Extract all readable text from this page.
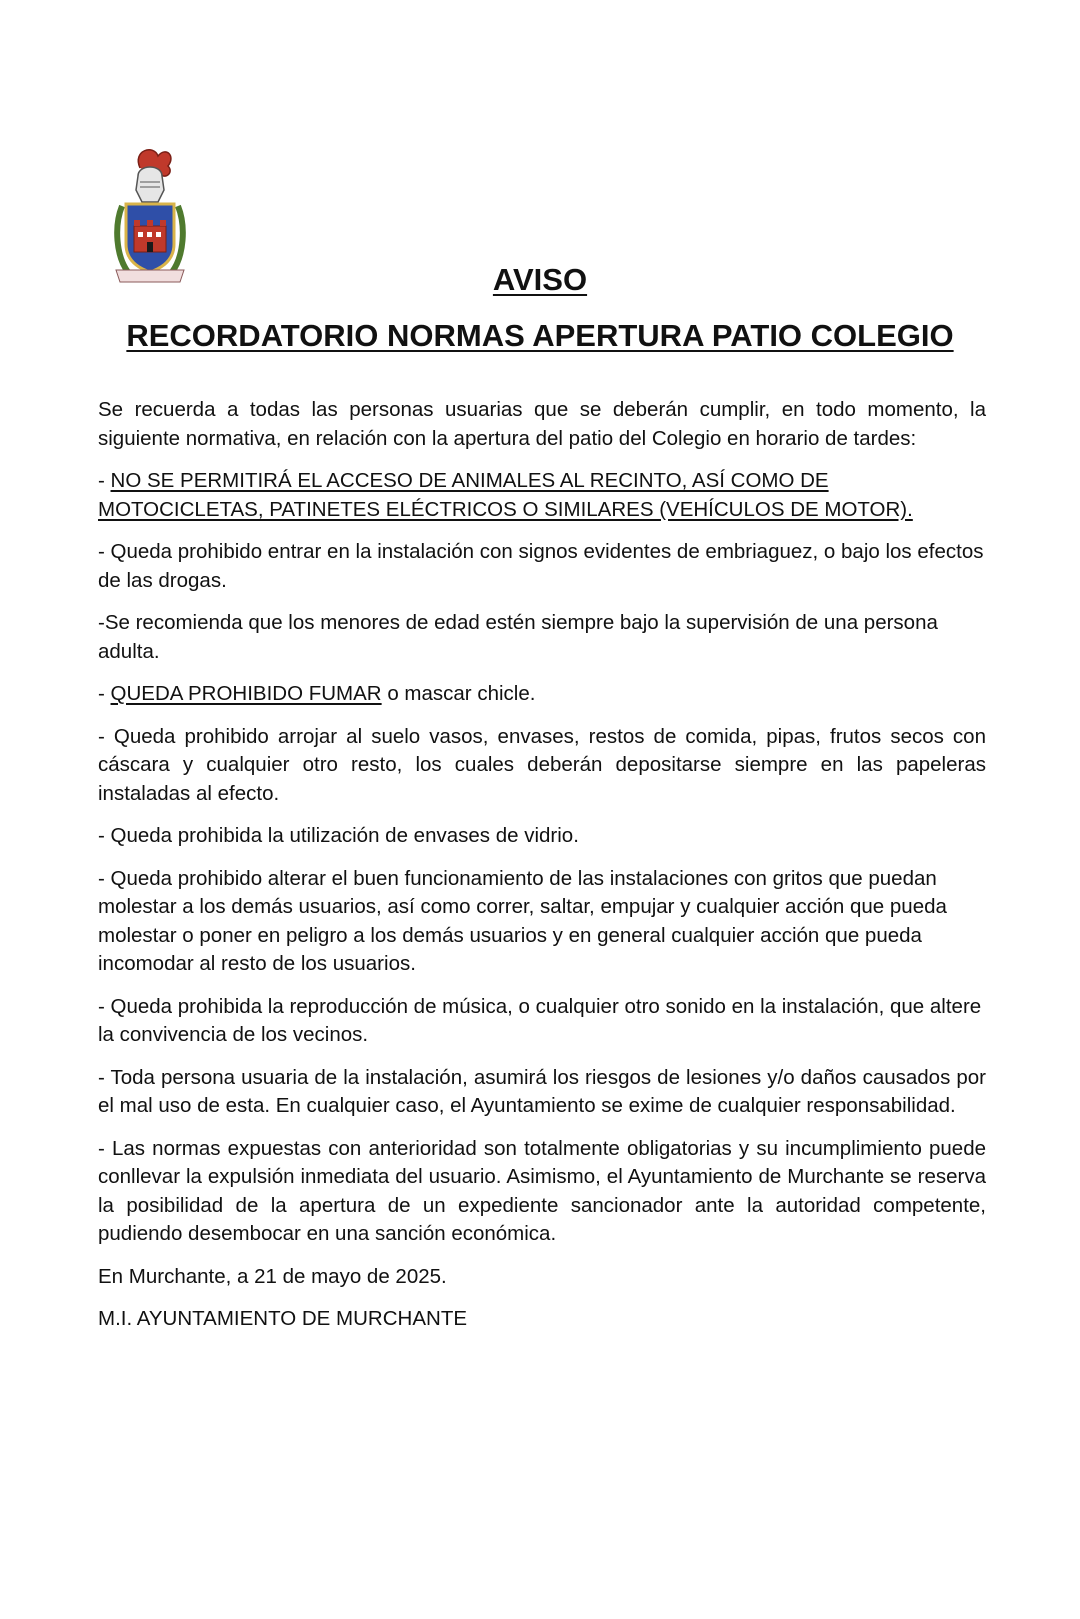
AVISO
RECORDATORIO NORMAS APERTURA PATIO COLEGIO

Se recuerda a todas las personas usuarias que se deberán cumplir, en todo momento, la siguiente normativa, en relación con la apertura del patio del Colegio en horario de tardes:

- NO SE PERMITIRÁ EL ACCESO DE ANIMALES AL RECINTO, ASÍ COMO DE MOTOCICLETAS, PATINETES ELÉCTRICOS O SIMILARES (VEHÍCULOS DE MOTOR).

- Queda prohibido entrar en la instalación con signos evidentes de embriaguez, o bajo los efectos de las drogas.

-Se recomienda que los menores de edad estén siempre bajo la supervisión de una persona adulta.

- QUEDA PROHIBIDO FUMAR o mascar chicle.

- Queda prohibido arrojar al suelo vasos, envases, restos de comida, pipas, frutos secos con cáscara y cualquier otro resto, los cuales deberán depositarse siempre en las papeleras instaladas al efecto.

- Queda prohibida la utilización de envases de vidrio.

- Queda prohibido alterar el buen funcionamiento de las instalaciones con gritos que puedan molestar a los demás usuarios, así como correr, saltar, empujar y cualquier acción que pueda molestar o poner en peligro a los demás usuarios y en general cualquier acción que pueda incomodar al resto de los usuarios.

- Queda prohibida la reproducción de música, o cualquier otro sonido en la instalación, que altere la convivencia de los vecinos.

- Toda persona usuaria de la instalación, asumirá los riesgos de lesiones y/o daños causados por el mal uso de esta. En cualquier caso, el Ayuntamiento se exime de cualquier responsabilidad.

- Las normas expuestas con anterioridad son totalmente obligatorias y su incumplimiento puede conllevar la expulsión inmediata del usuario. Asimismo, el Ayuntamiento de Murchante se reserva la posibilidad de la apertura de un expediente sancionador ante la autoridad competente, pudiendo desembocar en una sanción económica.

En Murchante, a 21 de mayo de 2025.

M.I. AYUNTAMIENTO DE MURCHANTE
